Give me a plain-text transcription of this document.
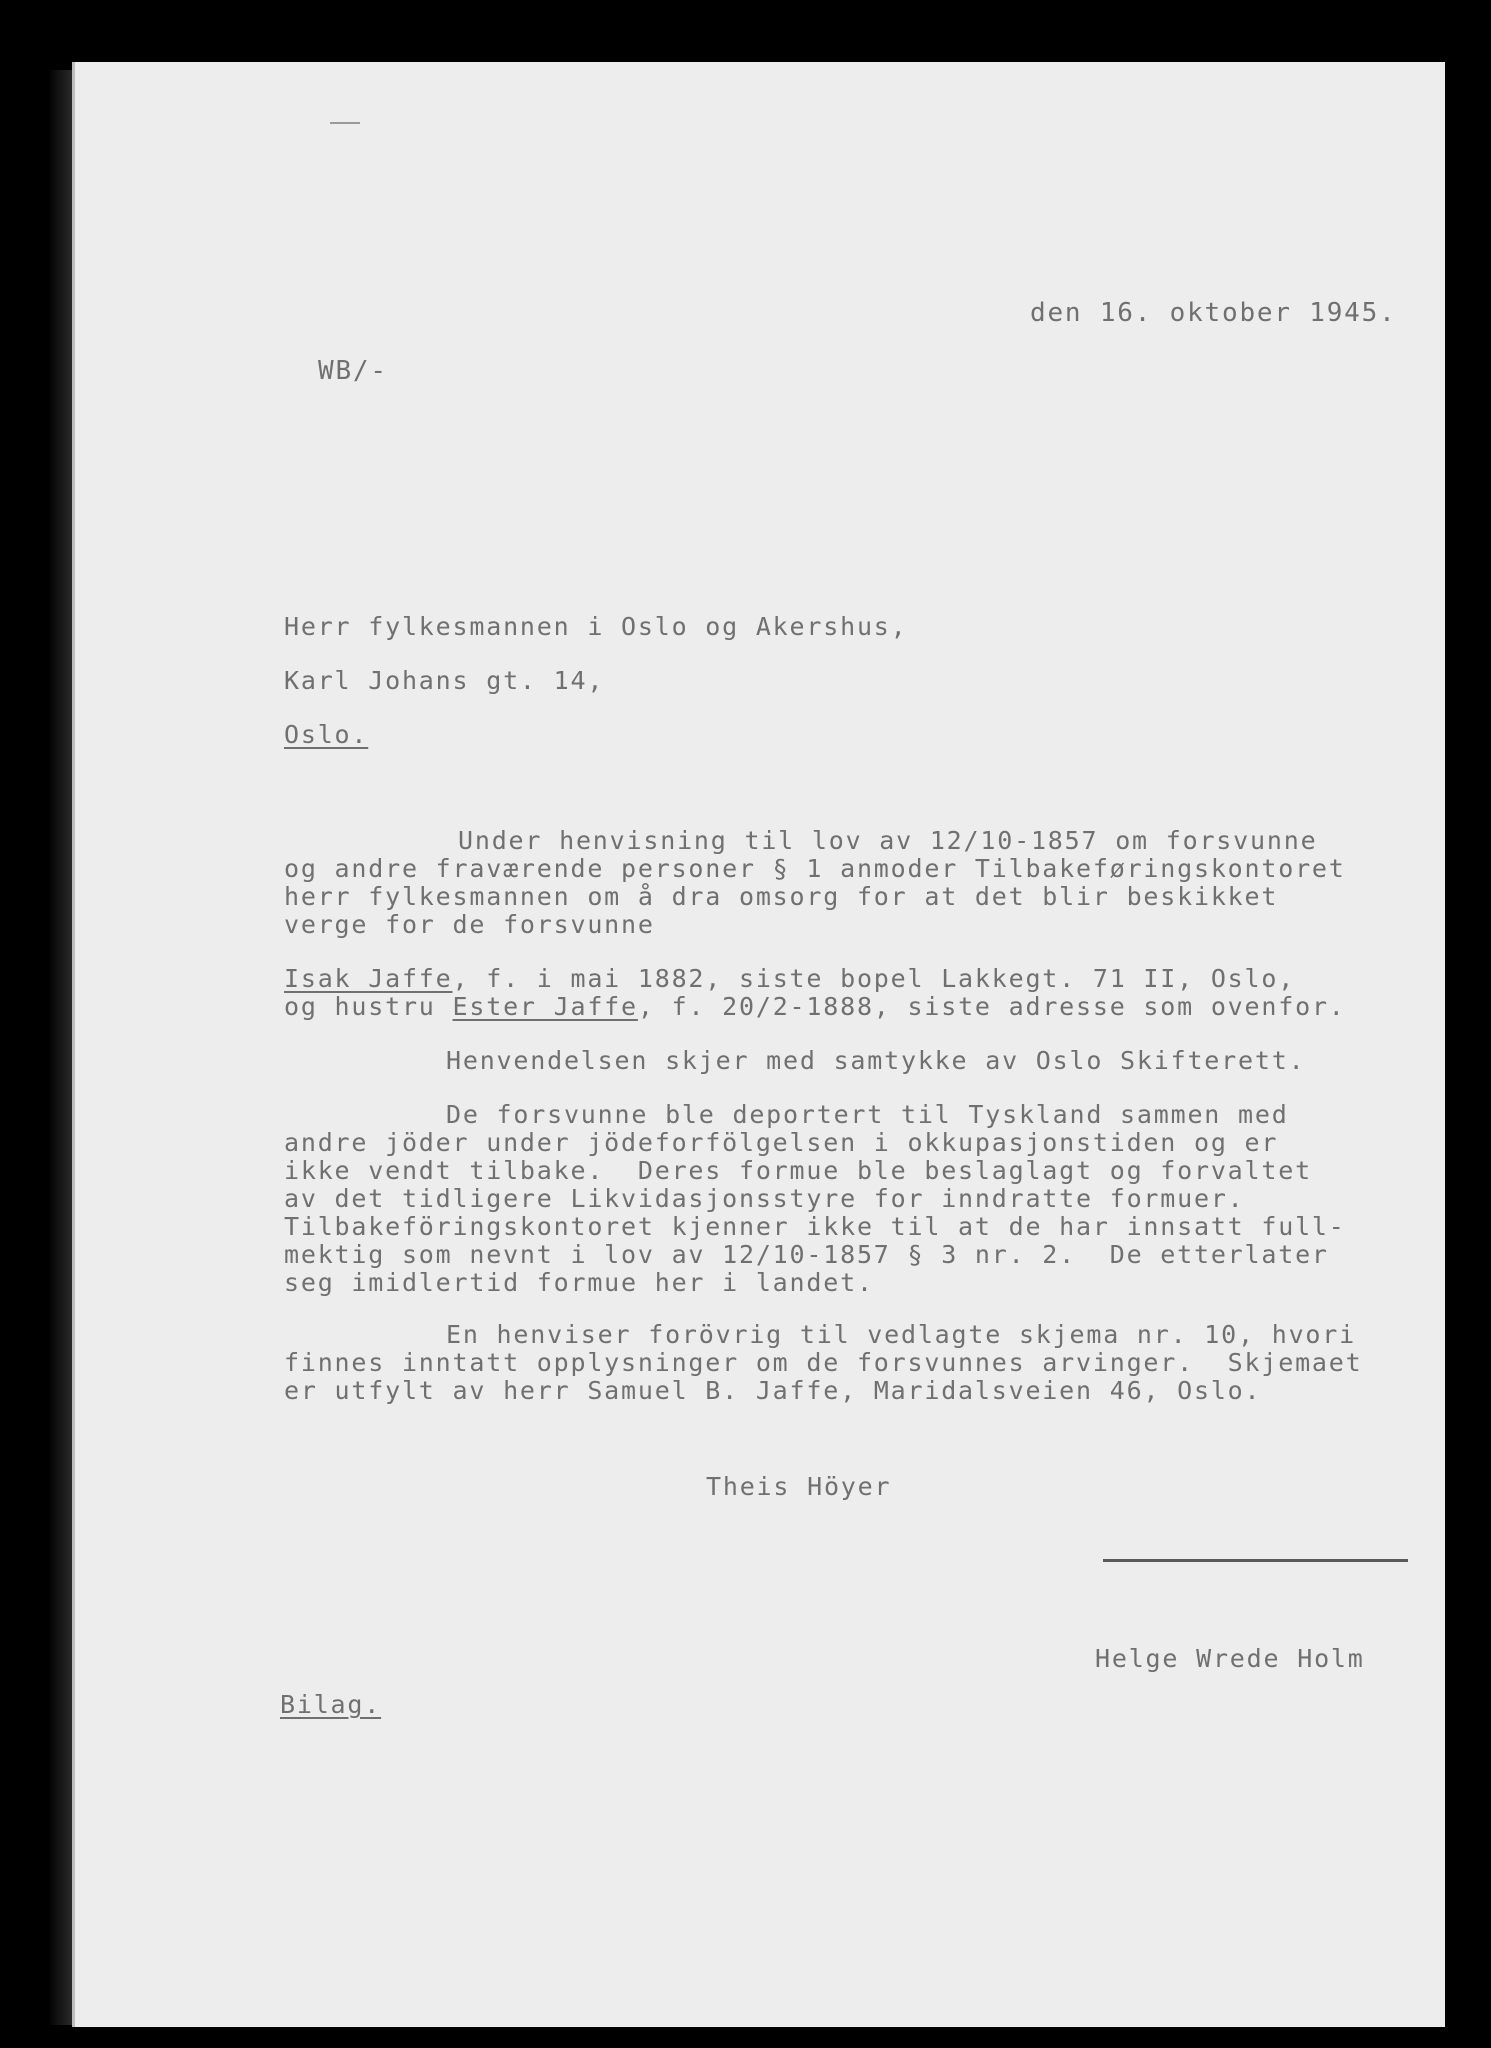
den 16. oktober 1945.
WB/-
Herr fylkesmannen i Oslo og Akershus,
Karl Johans gt. 14,
Oslo.
Under henvisning til lov av 12/10-1857 om forsvunne
og andre fraværende personer § 1 anmoder Tilbakeføringskontoret
herr fylkesmannen om å dra omsorg for at det blir beskikket
verge for de forsvunne
Isak Jaffe, f. i mai 1882, siste bopel Lakkegt. 71 II, Oslo,
og hustru Ester Jaffe, f. 20/2-1888, siste adresse som ovenfor.
Henvendelsen skjer med samtykke av Oslo Skifterett.
De forsvunne ble deportert til Tyskland sammen med
andre jöder under jödeforfölgelsen i okkupasjonstiden og er
ikke vendt tilbake.  Deres formue ble beslaglagt og forvaltet
av det tidligere Likvidasjonsstyre for inndratte formuer.
Tilbakeföringskontoret kjenner ikke til at de har innsatt full-
mektig som nevnt i lov av 12/10-1857 § 3 nr. 2.  De etterlater
seg imidlertid formue her i landet.
En henviser forövrig til vedlagte skjema nr. 10, hvori
finnes inntatt opplysninger om de forsvunnes arvinger.  Skjemaet
er utfylt av herr Samuel B. Jaffe, Maridalsveien 46, Oslo.
Theis Höyer
Helge Wrede Holm
Bilag.
